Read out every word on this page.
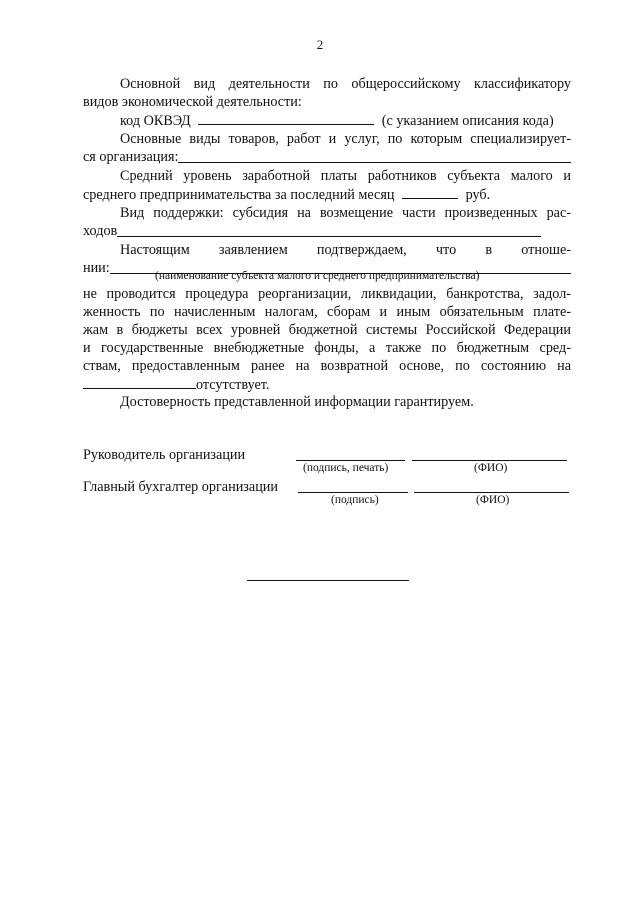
2
Основной вид деятельности по общероссийскому классификатору
видов экономической деятельности:
код ОКВЭД	(с указанием описания кода)
Основные виды товаров, работ и услуг, по которым специализирует-
ся организация:
Средний уровень заработной платы работников субъекта малого и
среднего предпринимательства за последний месяц	руб.
Вид поддержки: субсидия на возмещение части произведенных рас-
ходов
Настоящим заявлением подтверждаем, что в отноше-
нии:	(наименование субъекта малого и среднего предпринимательства)
не проводится процедура реорганизации, ликвидации, банкротства, задол-
женность по начисленным налогам, сборам и иным обязательным плате-
жам в бюджеты всех уровней бюджетной системы Российской Федерации
и государственные внебюджетные фонды, а также по бюджетным сред-
ствам, предоставленным ранее на возвратной основе, по состоянию на
отсутствует.
Достоверность представленной информации гарантируем.
Руководитель организации
(подпись, печать)	(ФИО)
Главный бухгалтер организации
(подпись)	(ФИО)
